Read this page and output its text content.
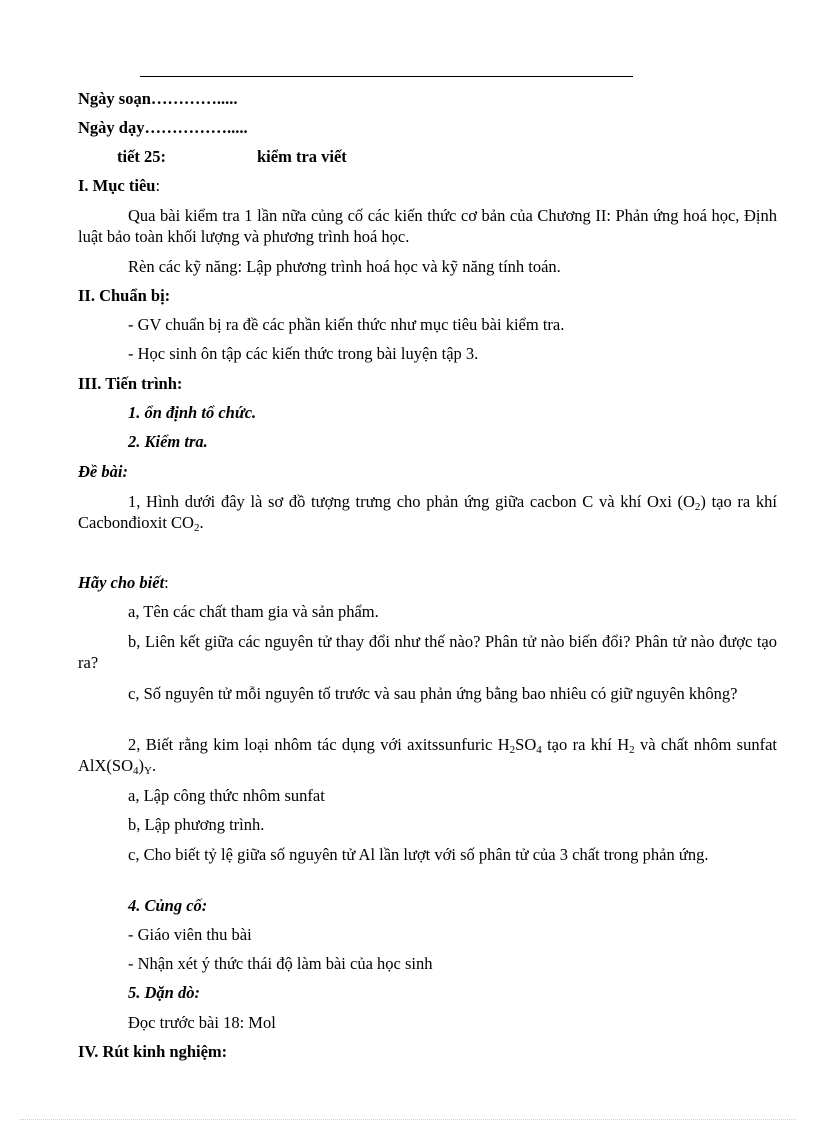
Ngày soạn………….....
Ngày dạy…………….....
tiết 25:	kiểm tra viết
I. Mục tiêu:
Qua bài kiểm tra 1 lần nữa củng cố các kiến thức cơ bản của Chương II: Phản ứng hoá học, Định luật bảo toàn khối lượng và phương trình hoá học.
Rèn các kỹ năng: Lập phương trình hoá học và kỹ năng tính toán.
II. Chuẩn bị:
- GV chuẩn bị ra đề các phần kiến thức như mục tiêu bài kiểm tra.
- Học sinh ôn tập các kiến thức trong bài luyện tập 3.
III. Tiến trình:
1. ổn định tổ chức.
2. Kiểm tra.
Đề bài:
1, Hình dưới đây là sơ đồ tượng trưng cho phản ứng giữa cacbon C và khí Oxi $(O_2)$ tạo ra khí Cacbonđioxit $CO_2$.
Hãy cho biết:
a, Tên các chất tham gia và sản phẩm.
b, Liên kết giữa các nguyên tử thay đổi như thế nào? Phân tử nào biến đổi? Phân tử nào được tạo ra?
c, Số nguyên tử mỗi nguyên tố trước và sau phản ứng bằng bao nhiêu có giữ nguyên không?
2, Biết rằng kim loại nhôm tác dụng với axitssunfuric $H_2SO_4$ tạo ra khí $H_2$ và chất nhôm sunfat $AlX(SO_4)_Y$.
a, Lập công thức nhôm sunfat
b, Lập phương trình.
c, Cho biết tỷ lệ giữa số nguyên tử Al lần lượt với số phân tử của 3 chất trong phản ứng.
4. Củng cố:
- Giáo viên thu bài
- Nhận xét ý thức thái độ làm bài của học sinh
5. Dặn dò:
Đọc trước bài 18: Mol
IV. Rút kinh nghiệm:
